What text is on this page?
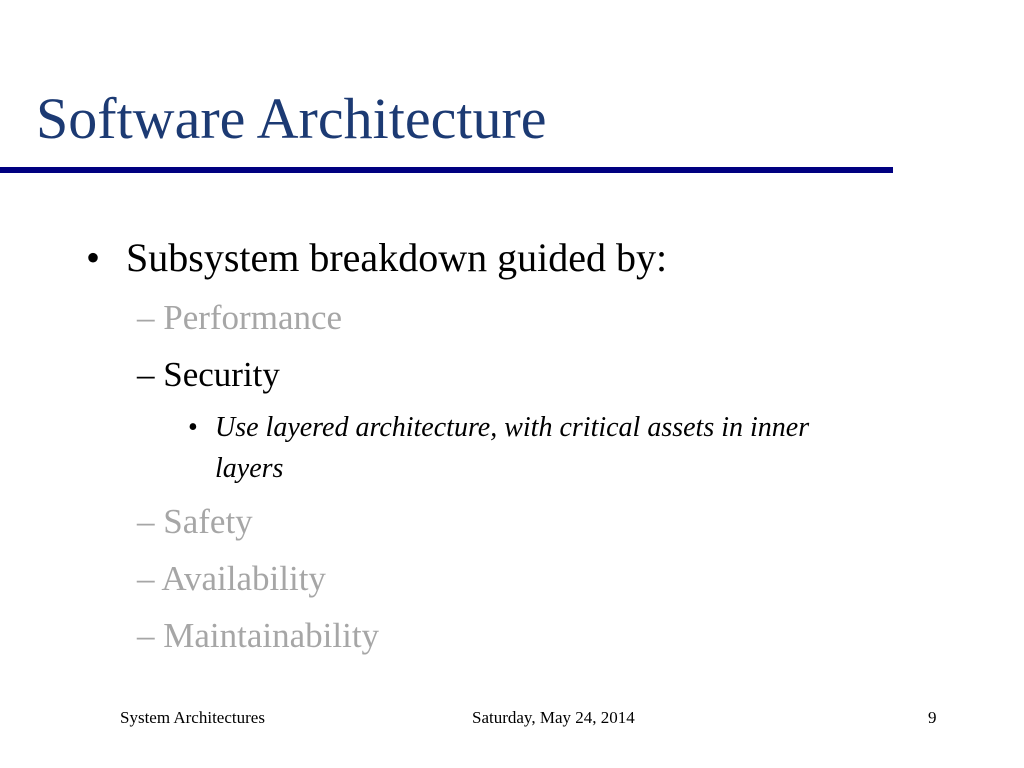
Software Architecture
• Subsystem breakdown guided by:
– Performance
– Security
• Use layered architecture, with critical assets in inner layers
– Safety
– Availability
– Maintainability
System Architectures	Saturday, May 24, 2014	9
